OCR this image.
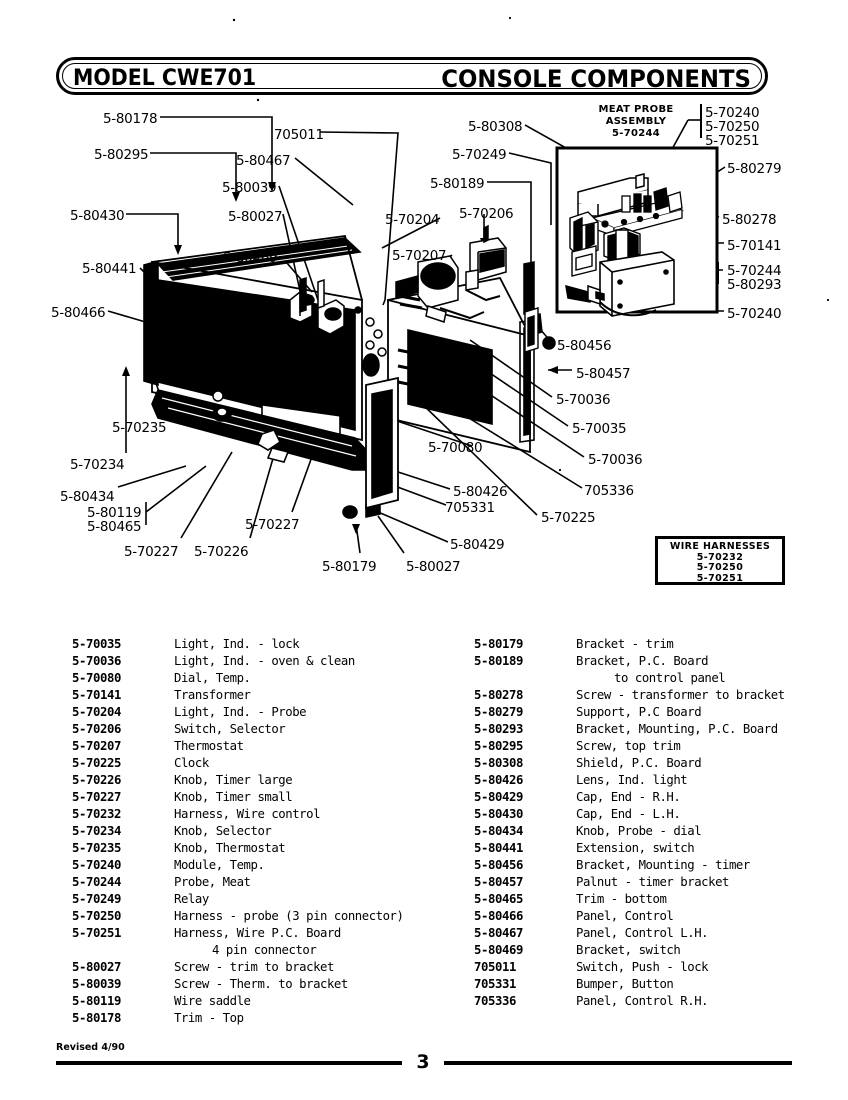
MODEL CWE701	CONSOLE COMPONENTS
MEAT PROBE
ASSEMBLY
5-70244
5-80178
5-80295
5-80430
5-80441
5-80466
5-70235
5-70234
5-80434
5-80119
5-80465
5-70227 5-70226
5-70227
5-80469
5-80027
5-80039
5-80467
705011
5-80179 5-80027
5-80426
705331
5-80429
5-70080
5-70225
705336
5-70036
5-70035
5-70036
5-80457
5-80456
5-70204
5-70207
5-70206
5-80189
5-70249
5-80308
5-70240
5-70250
5-70251
5-80279
5-80278
5-70141
5-70244
5-80293
5-70240
WIRE HARNESSES
5-70232
5-70250
5-70251
5-70035	Light, Ind. - lock
5-70036	Light, Ind. - oven & clean
5-70080	Dial, Temp.
5-70141	Transformer
5-70204	Light, Ind. - Probe
5-70206	Switch, Selector
5-70207	Thermostat
5-70225	Clock
5-70226	Knob, Timer large
5-70227	Knob, Timer small
5-70232	Harness, Wire control
5-70234	Knob, Selector
5-70235	Knob, Thermostat
5-70240	Module, Temp.
5-70244	Probe, Meat
5-70249	Relay
5-70250	Harness - probe (3 pin connector)
5-70251	Harness, Wire P.C. Board
4 pin connector
5-80027	Screw - trim to bracket
5-80039	Screw - Therm. to bracket
5-80119	Wire saddle
5-80178	Trim - Top
5-80179	Bracket - trim
5-80189	Bracket, P.C. Board
to control panel
5-80278	Screw - transformer to bracket
5-80279	Support, P.C Board
5-80293	Bracket, Mounting, P.C. Board
5-80295	Screw, top trim
5-80308	Shield, P.C. Board
5-80426	Lens, Ind. light
5-80429	Cap, End - R.H.
5-80430	Cap, End - L.H.
5-80434	Knob, Probe - dial
5-80441	Extension, switch
5-80456	Bracket, Mounting - timer
5-80457	Palnut - timer bracket
5-80465	Trim - bottom
5-80466	Panel, Control
5-80467	Panel, Control L.H.
5-80469	Bracket, switch
705011	Switch, Push - lock
705331	Bumper, Button
705336	Panel, Control R.H.
Revised 4/90
3
